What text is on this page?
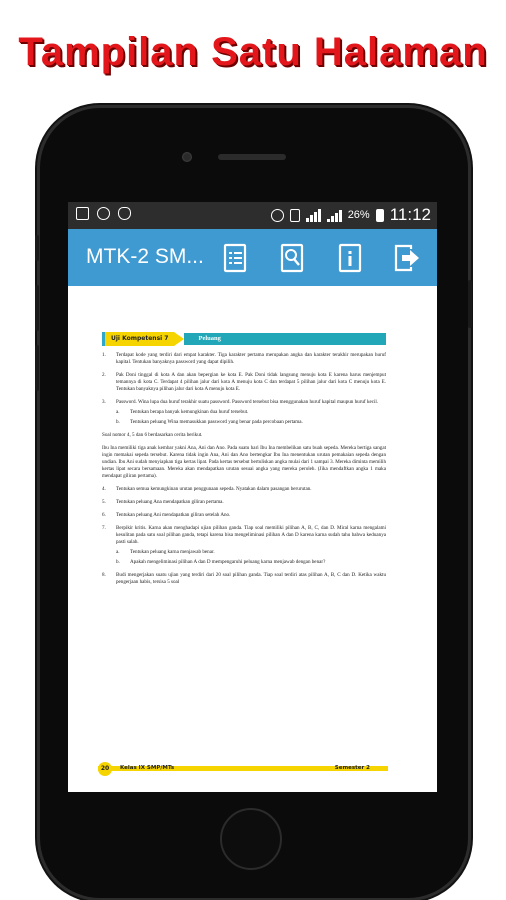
Tampilan Satu Halaman
26% 11:12
MTK-2 SM...
Uji Kompetensi 7	Peluang
1.	Terdapat kode yang terdiri dari empat karakter. Tiga karakter pertama merupakan angka dan karakter terakhir merupakan huruf kapital. Tentukan banyaknya password yang dapat dipilih.
2.	Pak Doni tinggal di kota A dan akan bepergian ke kota E. Pak Doni tidak langsung menuju kota E karena harus menjemput temannya di kota C. Terdapat 4 pilihan jalur dari kota A menuju kota C dan terdapat 5 pilihan jalur dari kota C menuju kota E. Tentukan banyaknya pilihan jalur dari kota A menuju kota E.
3.	Password. Wina lupa dua huruf terakhir suatu password. Password tersebut bisa menggunakan huruf kapital maupun huruf kecil.
a.	Tentukan berapa banyak kemungkinan dua huruf tersebut.
b.	Tentukan peluang Wina memasukkan password yang benar pada percobaan pertama.
Soal nomor 4, 5 dan 6 berdasarkan cerita berikut.
Ibu Ina memiliki tiga anak kembar yakni Ana, Ani dan Ano. Pada suatu hari Ibu Ina membelikan satu buah sepeda. Mereka bertiga sangat ingin memakai sepeda tersebut. Karena tidak ingin Ana, Ani dan Ano bertengkar Ibu Ina menentukan urutan pemakaian sepeda dengan undian. Ibu Ani sudah menyiapkan tiga kertas lipat. Pada kertas tersebut bertuliskan angka mulai dari 1 sampai 3. Mereka diminta memilih kertas lipat secara bersamaan. Mereka akan mendapatkan urutan sesuai angka yang mereka peroleh. (Jika mendaftkan angka 1 maka mendapat giliran pertama).
4.	Tentukan semua kemungkinan urutan penggunaan sepeda. Nyatakan dalam pasangan berurutan.
5.	Tentukan peluang Ana mendapatkan giliran pertama.
6.	Tentukan peluang Ani mendapatkan giliran setelah Ano.
7.	Berpikir kritis. Karna akan menghadapi ujian pilihan ganda. Tiap soal memiliki pilihan A, B, C, dan D. Miral karna mengalami kesulitan pada satu soal pilihan ganda, tetapi karena bisa mengeliminasi pilihan A dan D karena karna sudah tahu bahwa keduanya pasti salah.
a.	Tentukan peluang karna menjawab benar.
b.	Apakah mengeliminasi pilihan A dan D mempengaruhi peluang karna menjawab dengan benar?
8.	Budi mengerjakan suatu ujian yang terdiri dari 20 soal pilihan ganda. Tiap soal terdiri atas pilihan A, B, C dan D. Ketika waktu pengerjaan habis, tersisa 5 soal
20	Kelas IX SMP/MTs	Semester 2
